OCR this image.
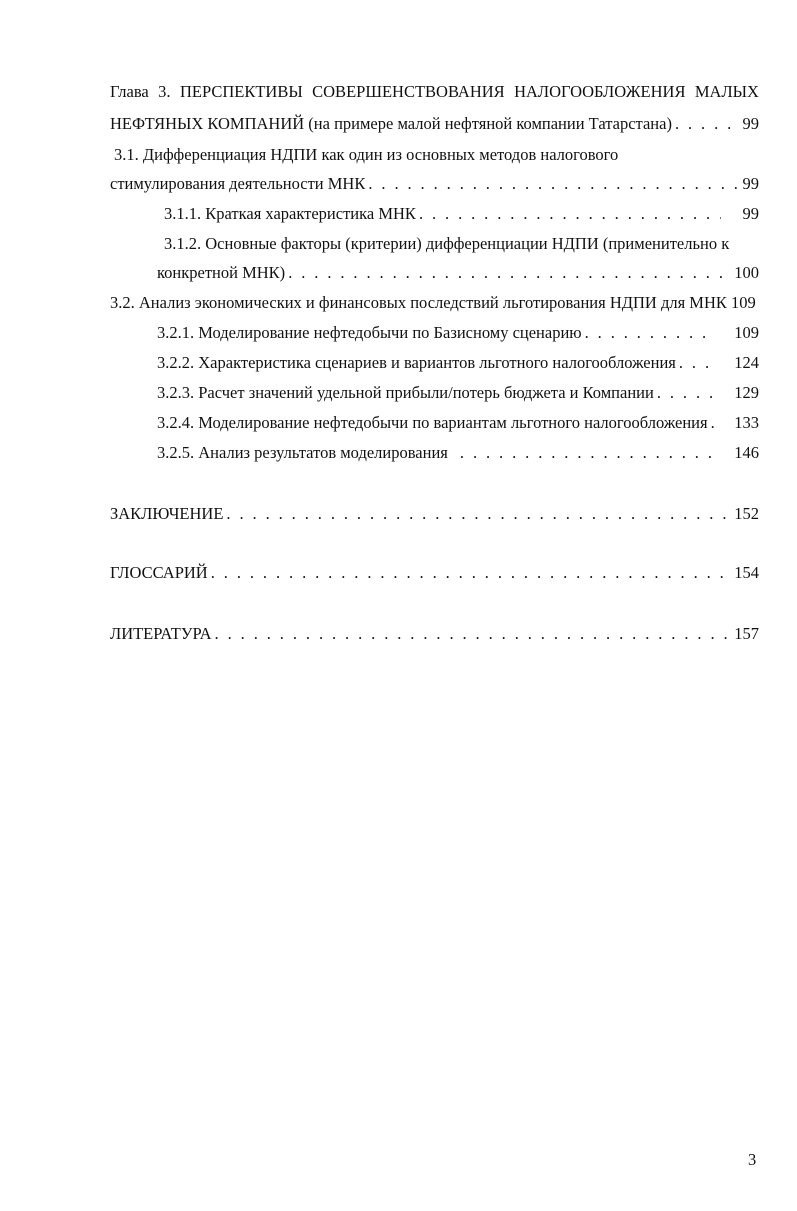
Глава 3. ПЕРСПЕКТИВЫ СОВЕРШЕНСТВОВАНИЯ НАЛОГООБЛОЖЕНИЯ МАЛЫХ
НЕФТЯНЫХ КОМПАНИЙ (на примере малой нефтяной компании Татарстана) . . .	99
3.1. Дифференциация НДПИ как один из основных методов налогового
стимулирования деятельности МНК . . .	99
3.1.1. Краткая характеристика МНК . . .	99
3.1.2. Основные факторы (критерии) дифференциации НДПИ (применительно к
конкретной МНК) . . .	100
3.2. Анализ экономических и финансовых последствий льготирования НДПИ для МНК 109
3.2.1. Моделирование нефтедобычи по Базисному сценарию . . .	109
3.2.2. Характеристика сценариев и вариантов льготного налогообложения . . .	124
3.2.3. Расчет значений удельной прибыли/потерь бюджета и Компании . . .	129
3.2.4. Моделирование нефтедобычи по вариантам льготного налогообложения . . . 133
3.2.5. Анализ результатов моделирования . . .	146
ЗАКЛЮЧЕНИЕ . . .	152
ГЛОССАРИЙ . . .	154
ЛИТЕРАТУРА . . .	157
3
